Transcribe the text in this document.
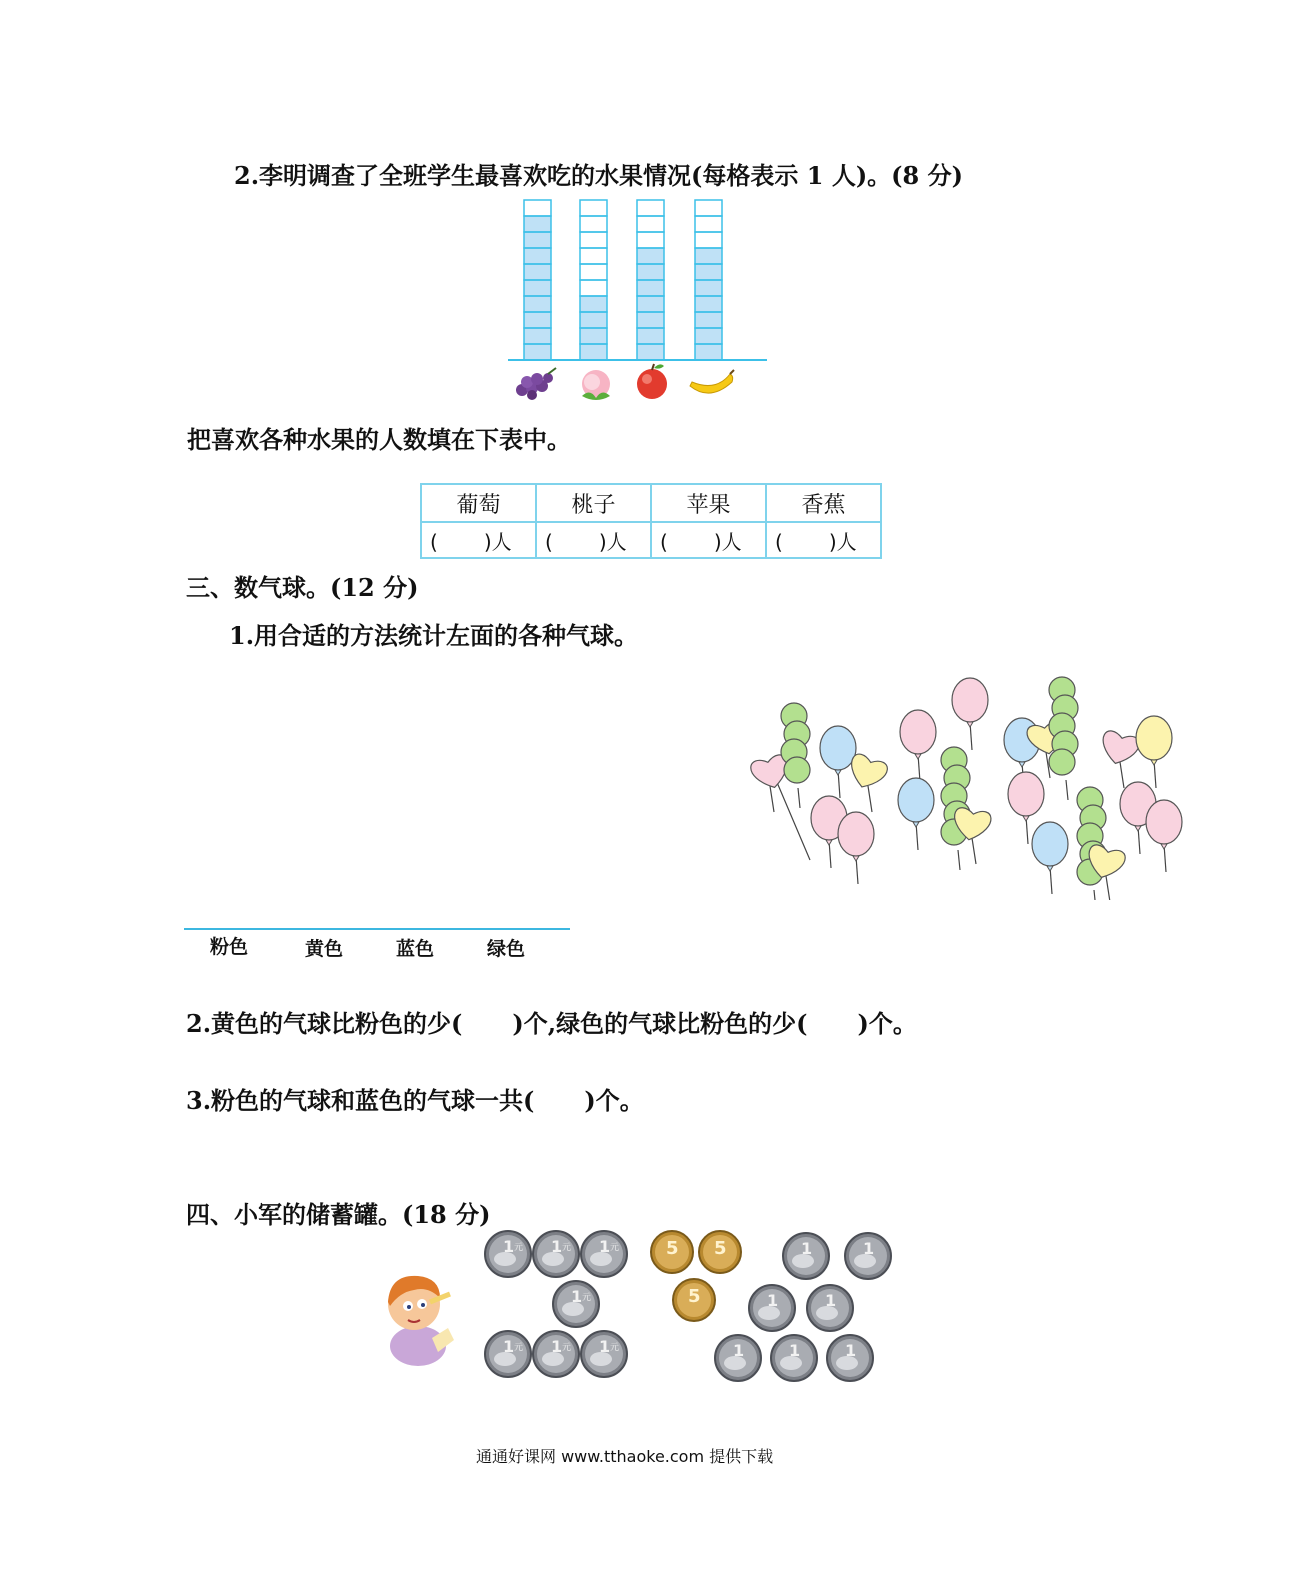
2.李明调查了全班学生最喜欢吃的水果情况(每格表示 1 人)。(8 分)
把喜欢各种水果的人数填在下表中。
葡萄	桃子	苹果	香蕉
( )人	( )人	( )人	( )人
三、数气球。(12 分)
1.用合适的方法统计左面的各种气球。
粉色	黄色	蓝色	绿色
2.黄色的气球比粉色的少( )个,绿色的气球比粉色的少( )个。
3.粉色的气球和蓝色的气球一共( )个。
四、小军的储蓄罐。(18 分)
1 元 1 元 1 元
1 元
1 元 1 元 1 元
5 5
5
1	1
1	1
1	1	1
通通好课网 www.tthaoke.com 提供下载
